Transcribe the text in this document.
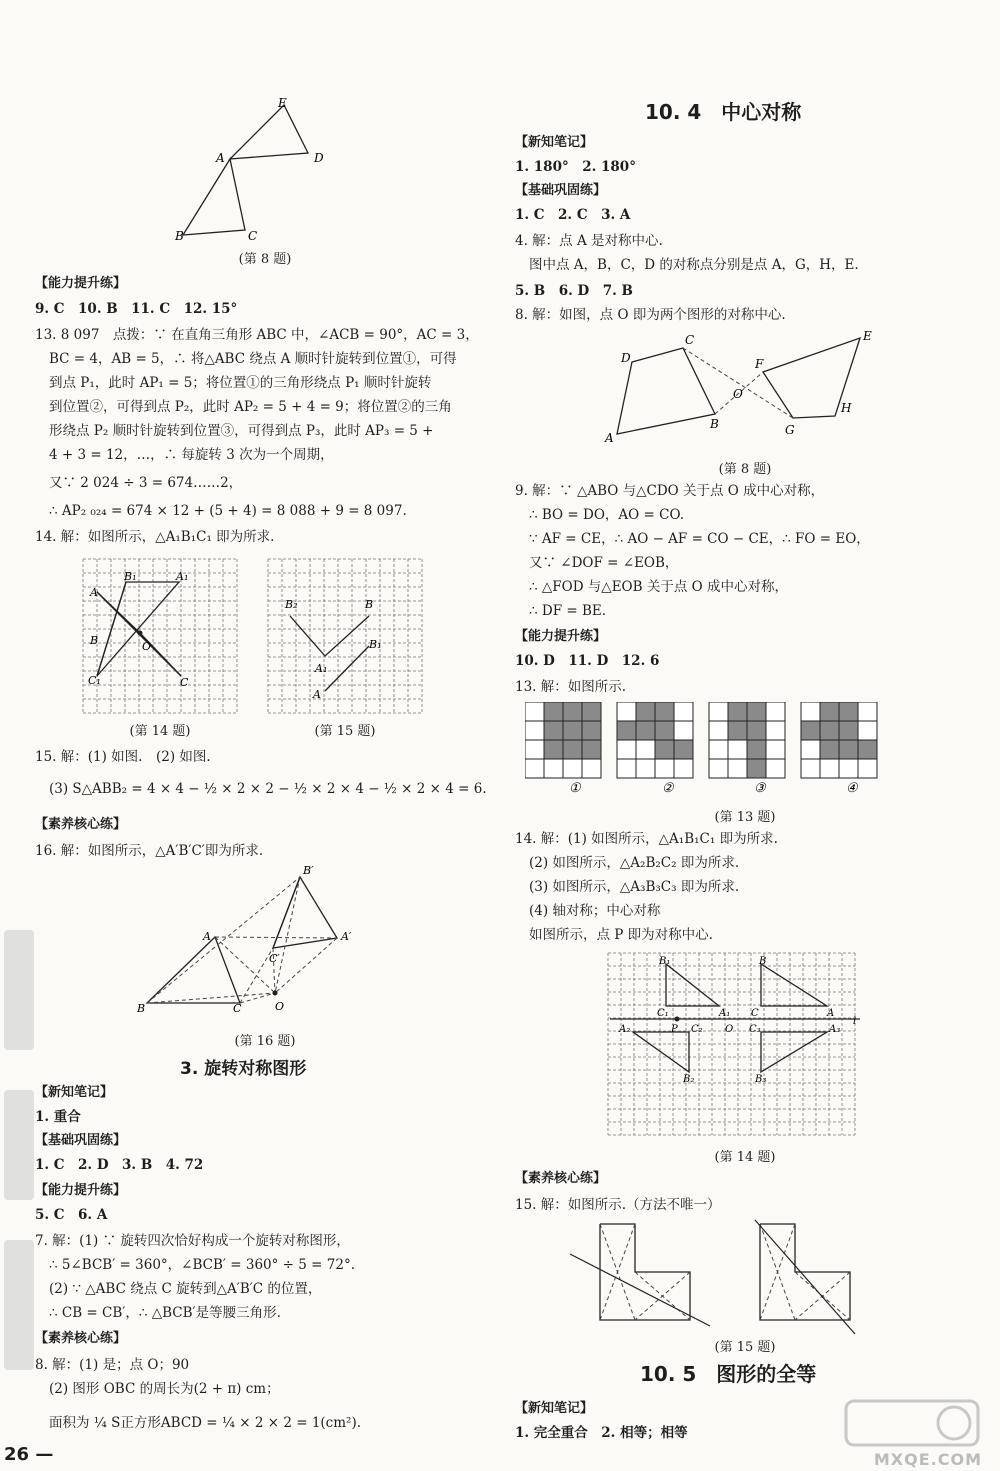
E
A	D
B	C
(第 8 题)
【能力提升练】
9. C　10. B　11. C　12. 15°
13. 8 097　点拨：∵ 在直角三角形 ABC 中，∠ACB = 90°，AC = 3，
BC = 4，AB = 5，∴ 将△ABC 绕点 A 顺时针旋转到位置①，可得
到点 P₁，此时 AP₁ = 5；将位置①的三角形绕点 P₁ 顺时针旋转
到位置②，可得到点 P₂，此时 AP₂ = 5 + 4 = 9；将位置②的三角
形绕点 P₂ 顺时针旋转到位置③，可得到点 P₃，此时 AP₃ = 5 +
4 + 3 = 12，…，∴ 每旋转 3 次为一个周期，
又∵ 2 024 ÷ 3 = 674……2，
∴ AP₂ ₀₂₄ = 674 × 12 + (5 + 4) = 8 088 + 9 = 8 097.
14. 解：如图所示，△A₁B₁C₁ 即为所求.
A
B₁	A₁
B	O
C₁	C
(第 14 题)
B₂	B
A₁
B₁
A
(第 15 题)
15. 解：(1) 如图.　(2) 如图.
(3) S△ABB₂ = 4 × 4 − ½ × 2 × 2 − ½ × 2 × 4 − ½ × 2 × 4 = 6.
【素养核心练】
16. 解：如图所示，△A′B′C′即为所求.
A
B′
A′
C′
B	C	O
(第 16 题)
3. 旋转对称图形
【新知笔记】
1. 重合
【基础巩固练】
1. C　2. D　3. B　4. 72
【能力提升练】
5. C　6. A
7. 解：(1) ∵ 旋转四次恰好构成一个旋转对称图形，
∴ 5∠BCB′ = 360°，∠BCB′ = 360° ÷ 5 = 72°.
(2) ∵ △ABC 绕点 C 旋转到△A′B′C 的位置，
∴ CB = CB′，∴ △BCB′是等腰三角形.
【素养核心练】
8. 解：(1) 是；点 O；90
(2) 图形 OBC 的周长为(2 + π) cm；
面积为 ¼ S正方形ABCD = ¼ × 2 × 2 = 1(cm²).
26 —
10. 4　中心对称
【新知笔记】
1. 180°　2. 180°
【基础巩固练】
1. C　2. C　3. A
4. 解：点 A 是对称中心.
图中点 A，B，C，D 的对称点分别是点 A，G，H，E.
5. B　6. D　7. B
8. 解：如图，点 O 即为两个图形的对称中心.
D
C
B
A
O
F
E
H
G
(第 8 题)
9. 解：∵ △ABO 与△CDO 关于点 O 成中心对称，
∴ BO = DO，AO = CO.
∵ AF = CE，∴ AO − AF = CO − CE，∴ FO = EO，
又∵ ∠DOF = ∠EOB，
∴ △FOD 与△EOB 关于点 O 成中心对称，
∴ DF = BE.
【能力提升练】
10. D　11. D　12. 6
13. 解：如图所示.
①	②	③	④
(第 13 题)
14. 解：(1) 如图所示，△A₁B₁C₁ 即为所求.
(2) 如图所示，△A₂B₂C₂ 即为所求.
(3) 如图所示，△A₃B₃C₃ 即为所求.
(4) 轴对称；中心对称
如图所示，点 P 即为对称中心.
B₁	B
C₁	A₁ C	A
l
A₂	P C₂ O C₃	A₃
B₂	B₃
(第 14 题)
【素养核心练】
15. 解：如图所示.（方法不唯一）
(第 15 题)
10. 5　图形的全等
【新知笔记】
1. 完全重合　2. 相等；相等
MXQE.COM
